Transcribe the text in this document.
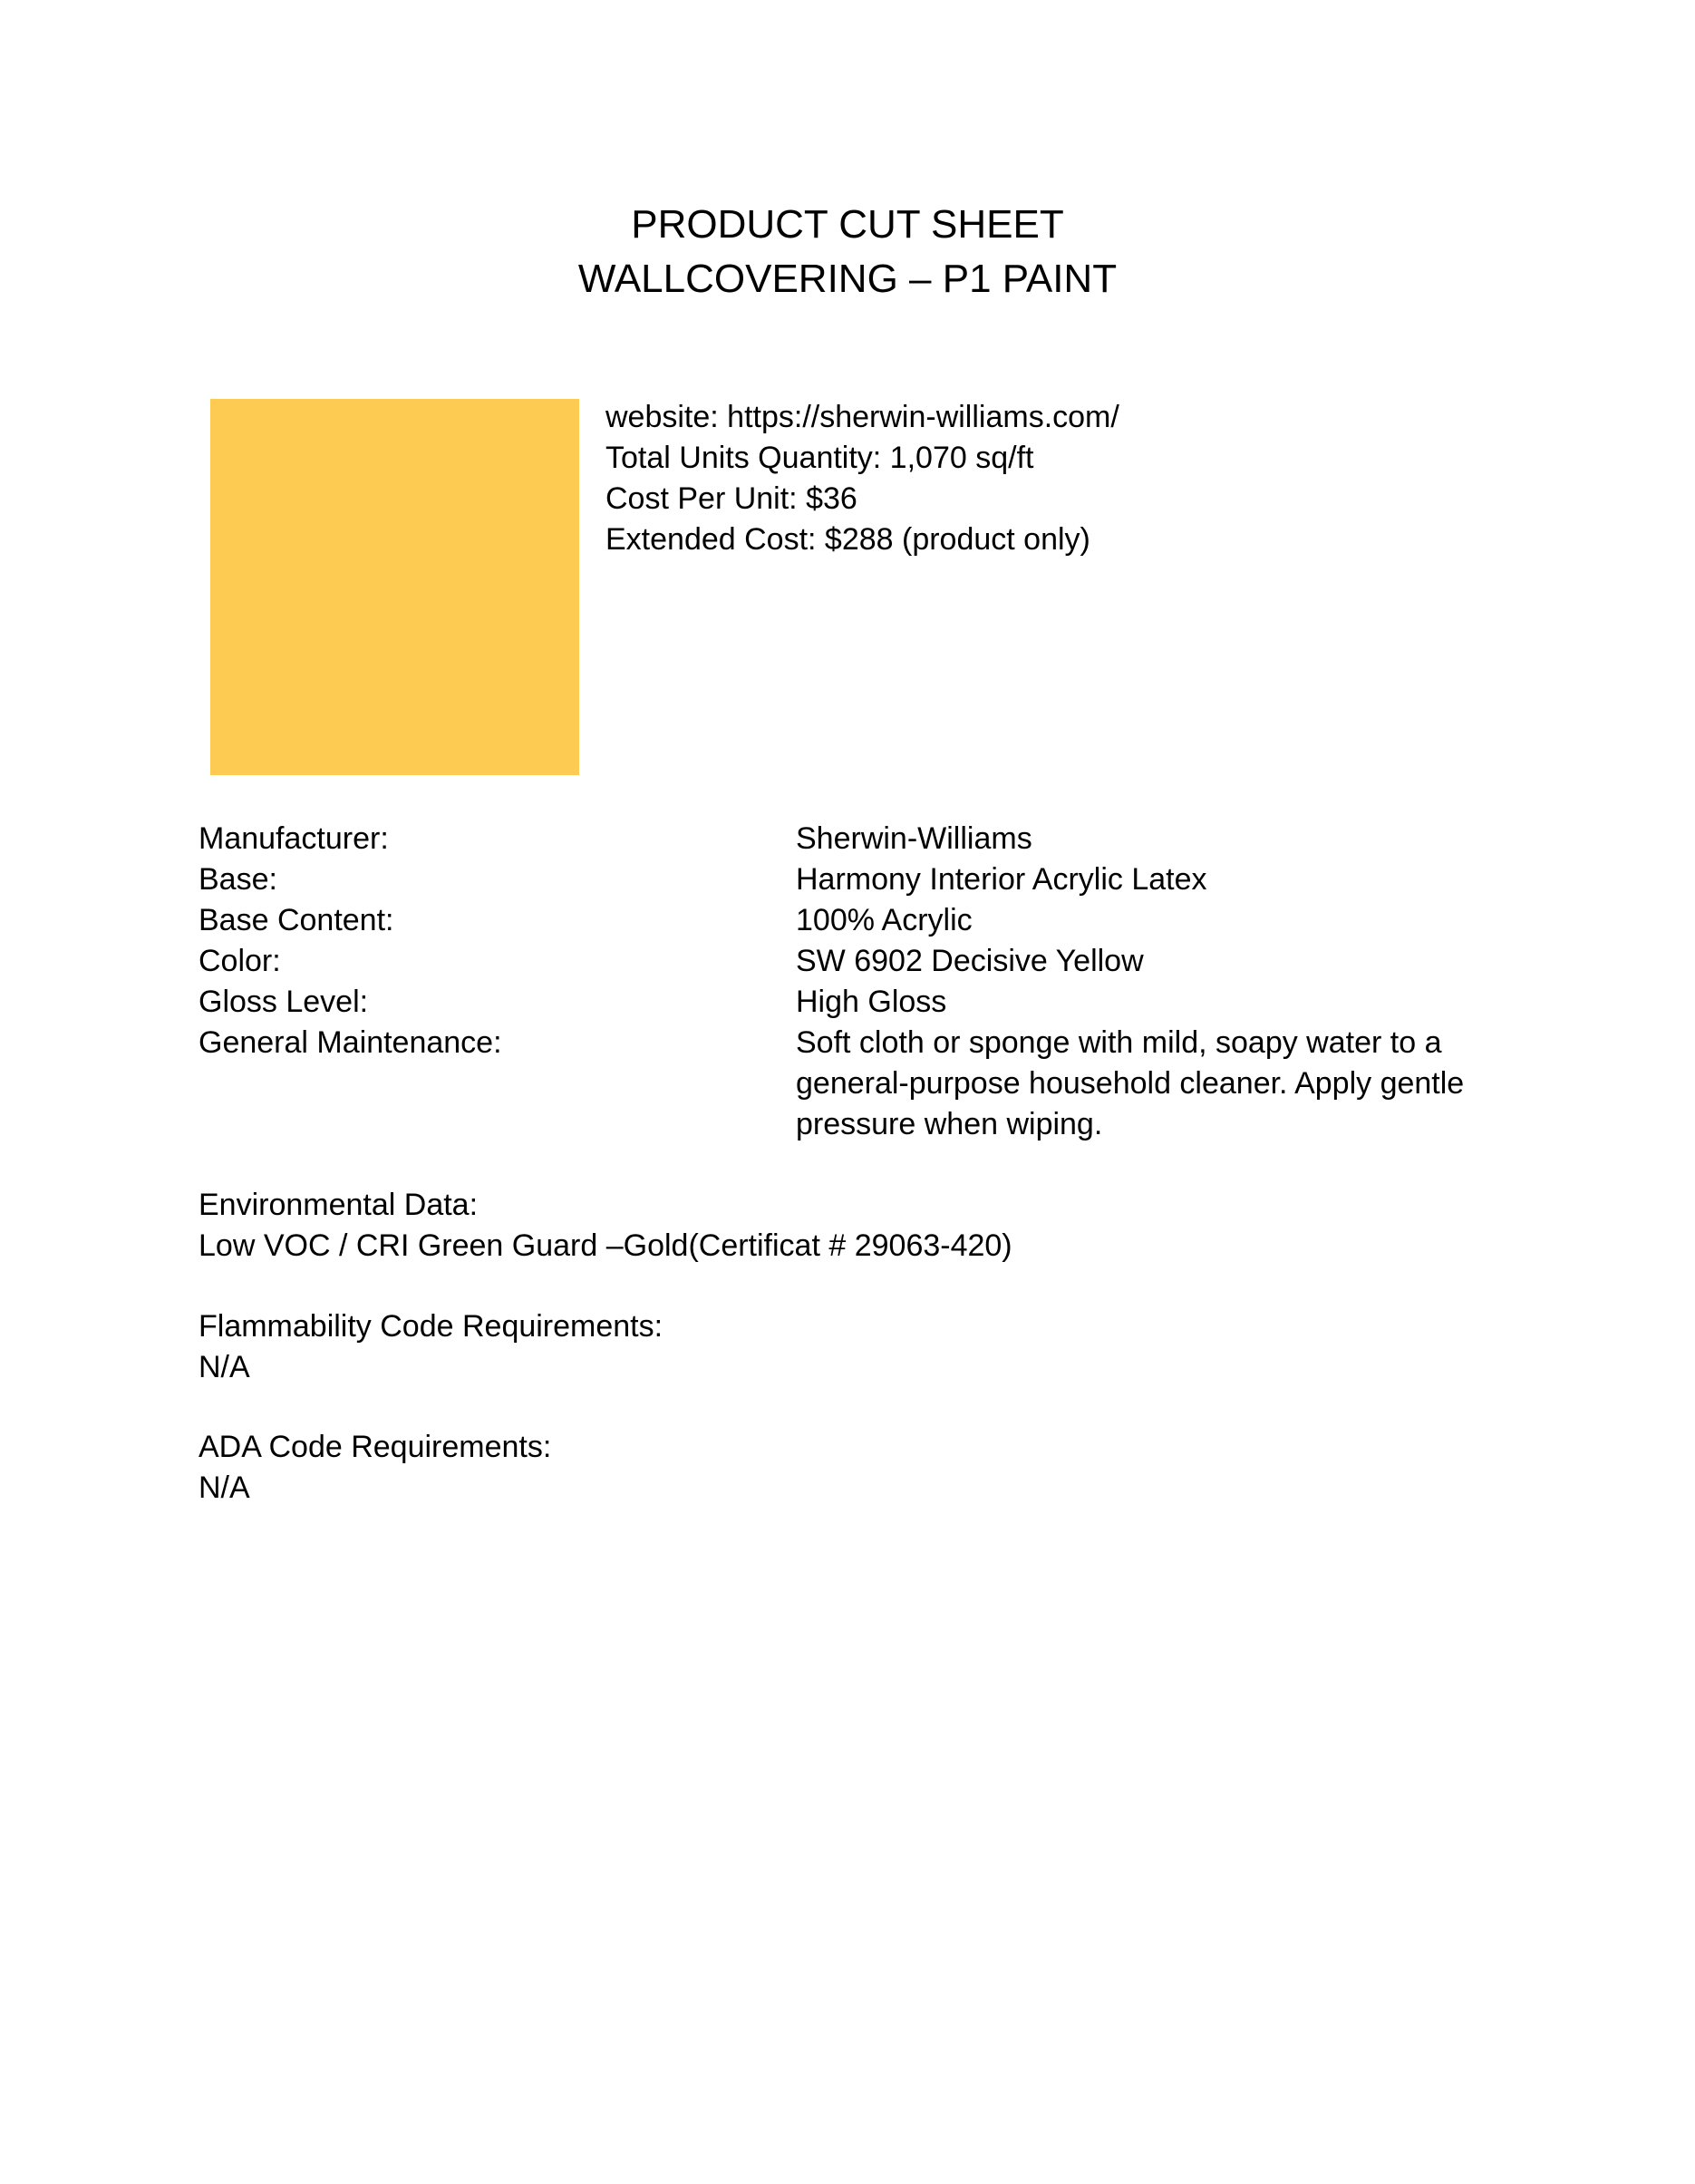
PRODUCT CUT SHEET
WALLCOVERING – P1 PAINT
website: https://sherwin-williams.com/
Total Units Quantity: 1,070 sq/ft
Cost Per Unit: $36
Extended Cost: $288 (product only)
Manufacturer:	Sherwin-Williams
Base:	Harmony Interior Acrylic Latex
Base Content:	100% Acrylic
Color:	SW 6902 Decisive Yellow
Gloss Level:	High Gloss
General Maintenance:	Soft cloth or sponge with mild, soapy water to a general-purpose household cleaner. Apply gentle pressure when wiping.
Environmental Data:
Low VOC / CRI Green Guard –Gold(Certificat # 29063-420)
Flammability Code Requirements:
N/A
ADA Code Requirements:
N/A
